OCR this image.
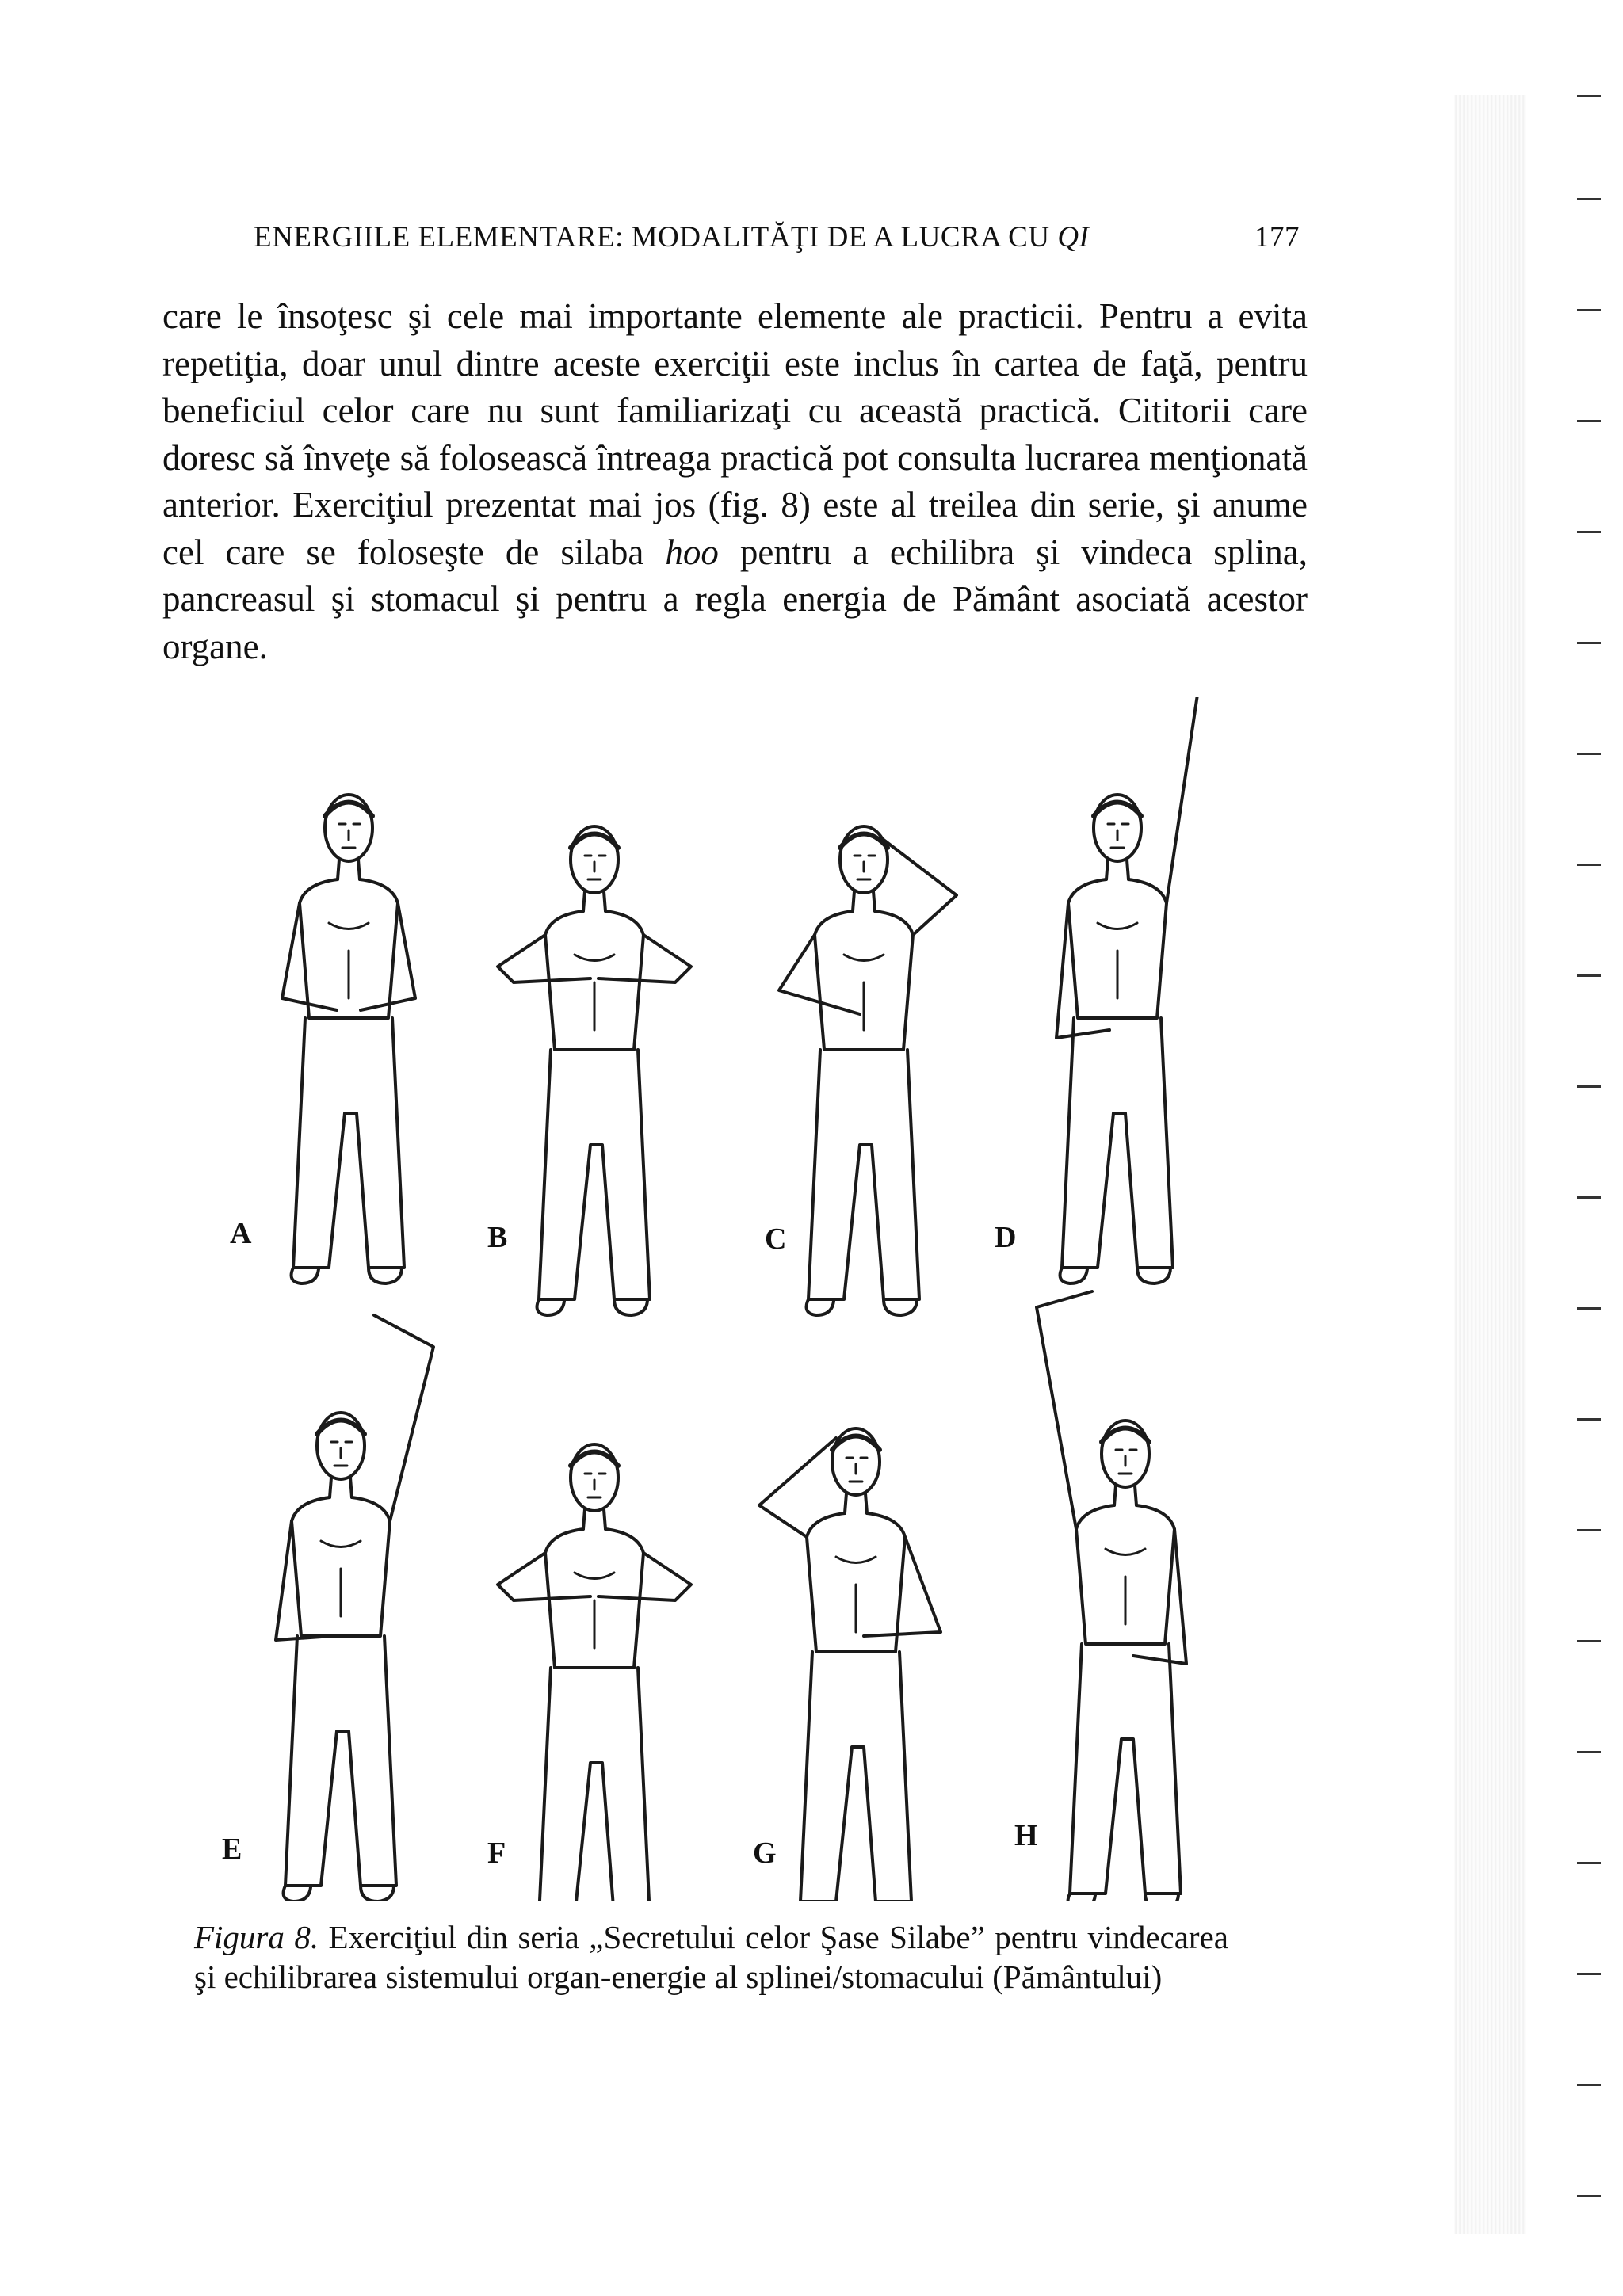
ENERGIILE ELEMENTARE: MODALITĂŢI DE A LUCRA CU QI	177
care le însoţesc şi cele mai importante elemente ale practicii. Pentru a evita repetiţia, doar unul dintre aceste exerciţii este inclus în cartea de faţă, pentru beneficiul celor care nu sunt familiarizaţi cu această practică. Cititorii care doresc să înveţe să folosească întreaga practică pot consulta lucrarea menţionată anterior. Exerciţiul prezentat mai jos (fig. 8) este al treilea din serie, şi anume cel care se foloseşte de silaba hoo pentru a echilibra şi vindeca splina, pancreasul şi stomacul şi pentru a regla energia de Pământ asociată acestor organe.
A	B	C	D
E	F	G
H
Figura 8. Exerciţiul din seria „Secretului celor Şase Silabe” pentru vindecarea şi echilibrarea sistemului organ-energie al splinei/stomacului (Pământului)
